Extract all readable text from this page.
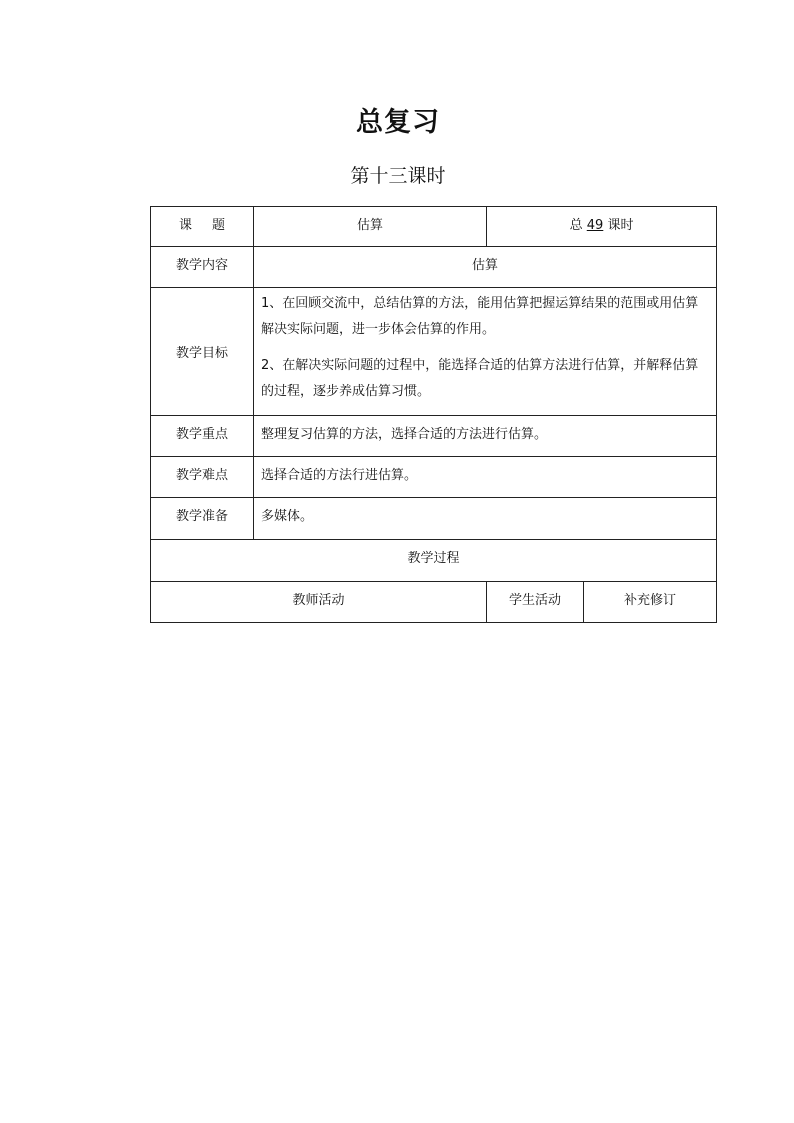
总复习
第十三课时
课 题	估算	总 49 课时	
教学内容	估算		
教学目标	1、在回顾交流中，总结估算的方法，能用估算把握运算结果的范围或用估算解决实际问题，进一步体会估算的作用。

2、在解决实际问题的过程中，能选择合适的估算方法进行估算，并解释估算的过程，逐步养成估算习惯。		

教学重点	整理复习估算的方法，选择合适的方法进行估算。		
教学难点	选择合适的方法行进估算。		
教学准备	多媒体。		
教学过程			
教师活动		学生活动	补充修订
